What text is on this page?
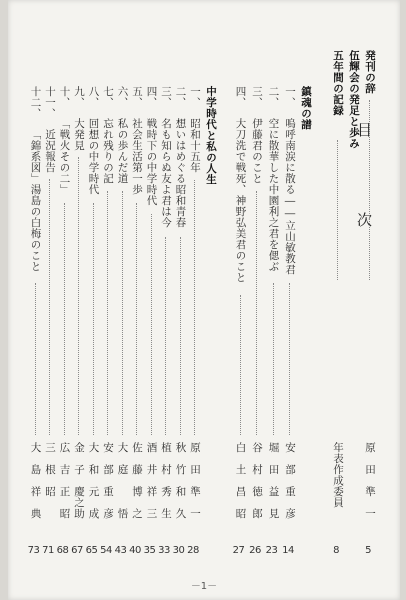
目　次
発刊の辞
原　田　準　一
5
伍輝会の発足と歩み
五年間の記録
年表作成委員
8
鎮魂の譜
中学時代と私の人生
－1－
一、
嗚呼南涙に散る――立山敏教君
安　部　重　彦
14
二、
空に散華した中園利之君を偲ぶ
堀　田　益　見
23
三、
伊藤君のこと
谷　村　徳　郎
26
四、
大刀洗で戦死、神野弘美君のこと
白　土　昌　昭
27
一、
昭和十五年
原　田　準　一
28
二、
想いはめぐる昭和青春
秋　竹　和　久
30
三、
名も知らぬ友よ君は今
植　村　秀　生
33
四、
戦時下の中学時代
酒　井　祥　三
35
五、
社会生活第一歩
佐　藤　博　之
40
六、
私の歩んだ道
大　庭　　　悟
43
七、
忘れ残りの記
安　部　重　彦
54
八、
回想の中学時代
大　和　元　成
65
九、
大発見
金　子　慶之助
67
十、
「戦火その二」
広　吉　正　昭
68
十一、
近況報告
三　根　昭　　
71
十二、
「錦系図」湯島の白梅のこと
大　島　祥　典
73
